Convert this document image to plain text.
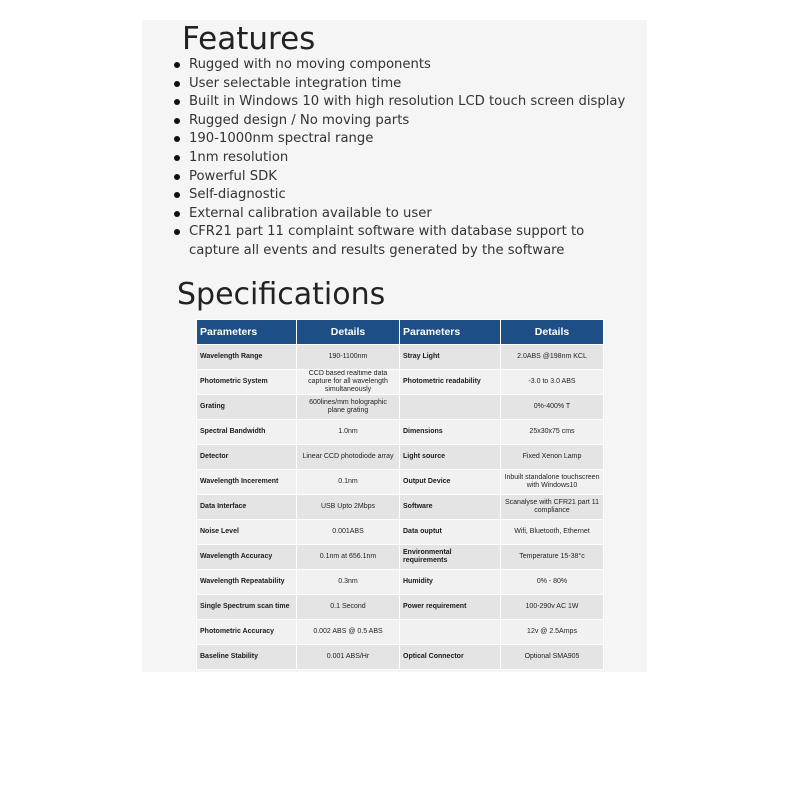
Features
Rugged with no moving components
User selectable integration time
Built in Windows 10 with high resolution LCD touch screen display
Rugged design / No moving parts
190-1000nm spectral range
1nm resolution
Powerful SDK
Self-diagnostic
External calibration available to user
CFR21 part 11 complaint software with database support to capture all events and results generated by the software
Specifications
Parameters	Details	Parameters	Details
Wavelength Range	190-1100nm	Stray Light	2.0ABS @198nm KCL
Photometric System	CCD based realtime data capture for all wavelength simultaneously	Photometric readability	-3.0 to 3.0 ABS
Grating	600lines/mm holographic plane grating		0%-400% T
Spectral Bandwidth	1.0nm	Dimensions	25x30x75 cms
Detector	Linear CCD photodiode array	Light source	Fixed Xenon Lamp
Wavelength Incerement	0.1nm	Output Device	Inbuilt standalone touchscreen with Windows10
Data Interface	USB Upto 2Mbps	Software	Scanalyse with CFR21 part 11 compliance
Noise Level	0.001ABS	Data ouptut	Wifi, Bluetooth, Ethernet
Wavelength Accuracy	0.1nm at 656.1nm	Environmental requirements	Temperature 15-38°c
Wavelength Repeatability	0.3nm	Humidity	0% - 80%
Single Spectrum scan time	0.1 Second	Power requirement	100-290v AC 1W
Photometric Accuracy	0.002 ABS @ 0.5 ABS		12v @ 2.5Amps
Baseline Stability	0.001 ABS/Hr	Optical Connector	Optional SMA905
